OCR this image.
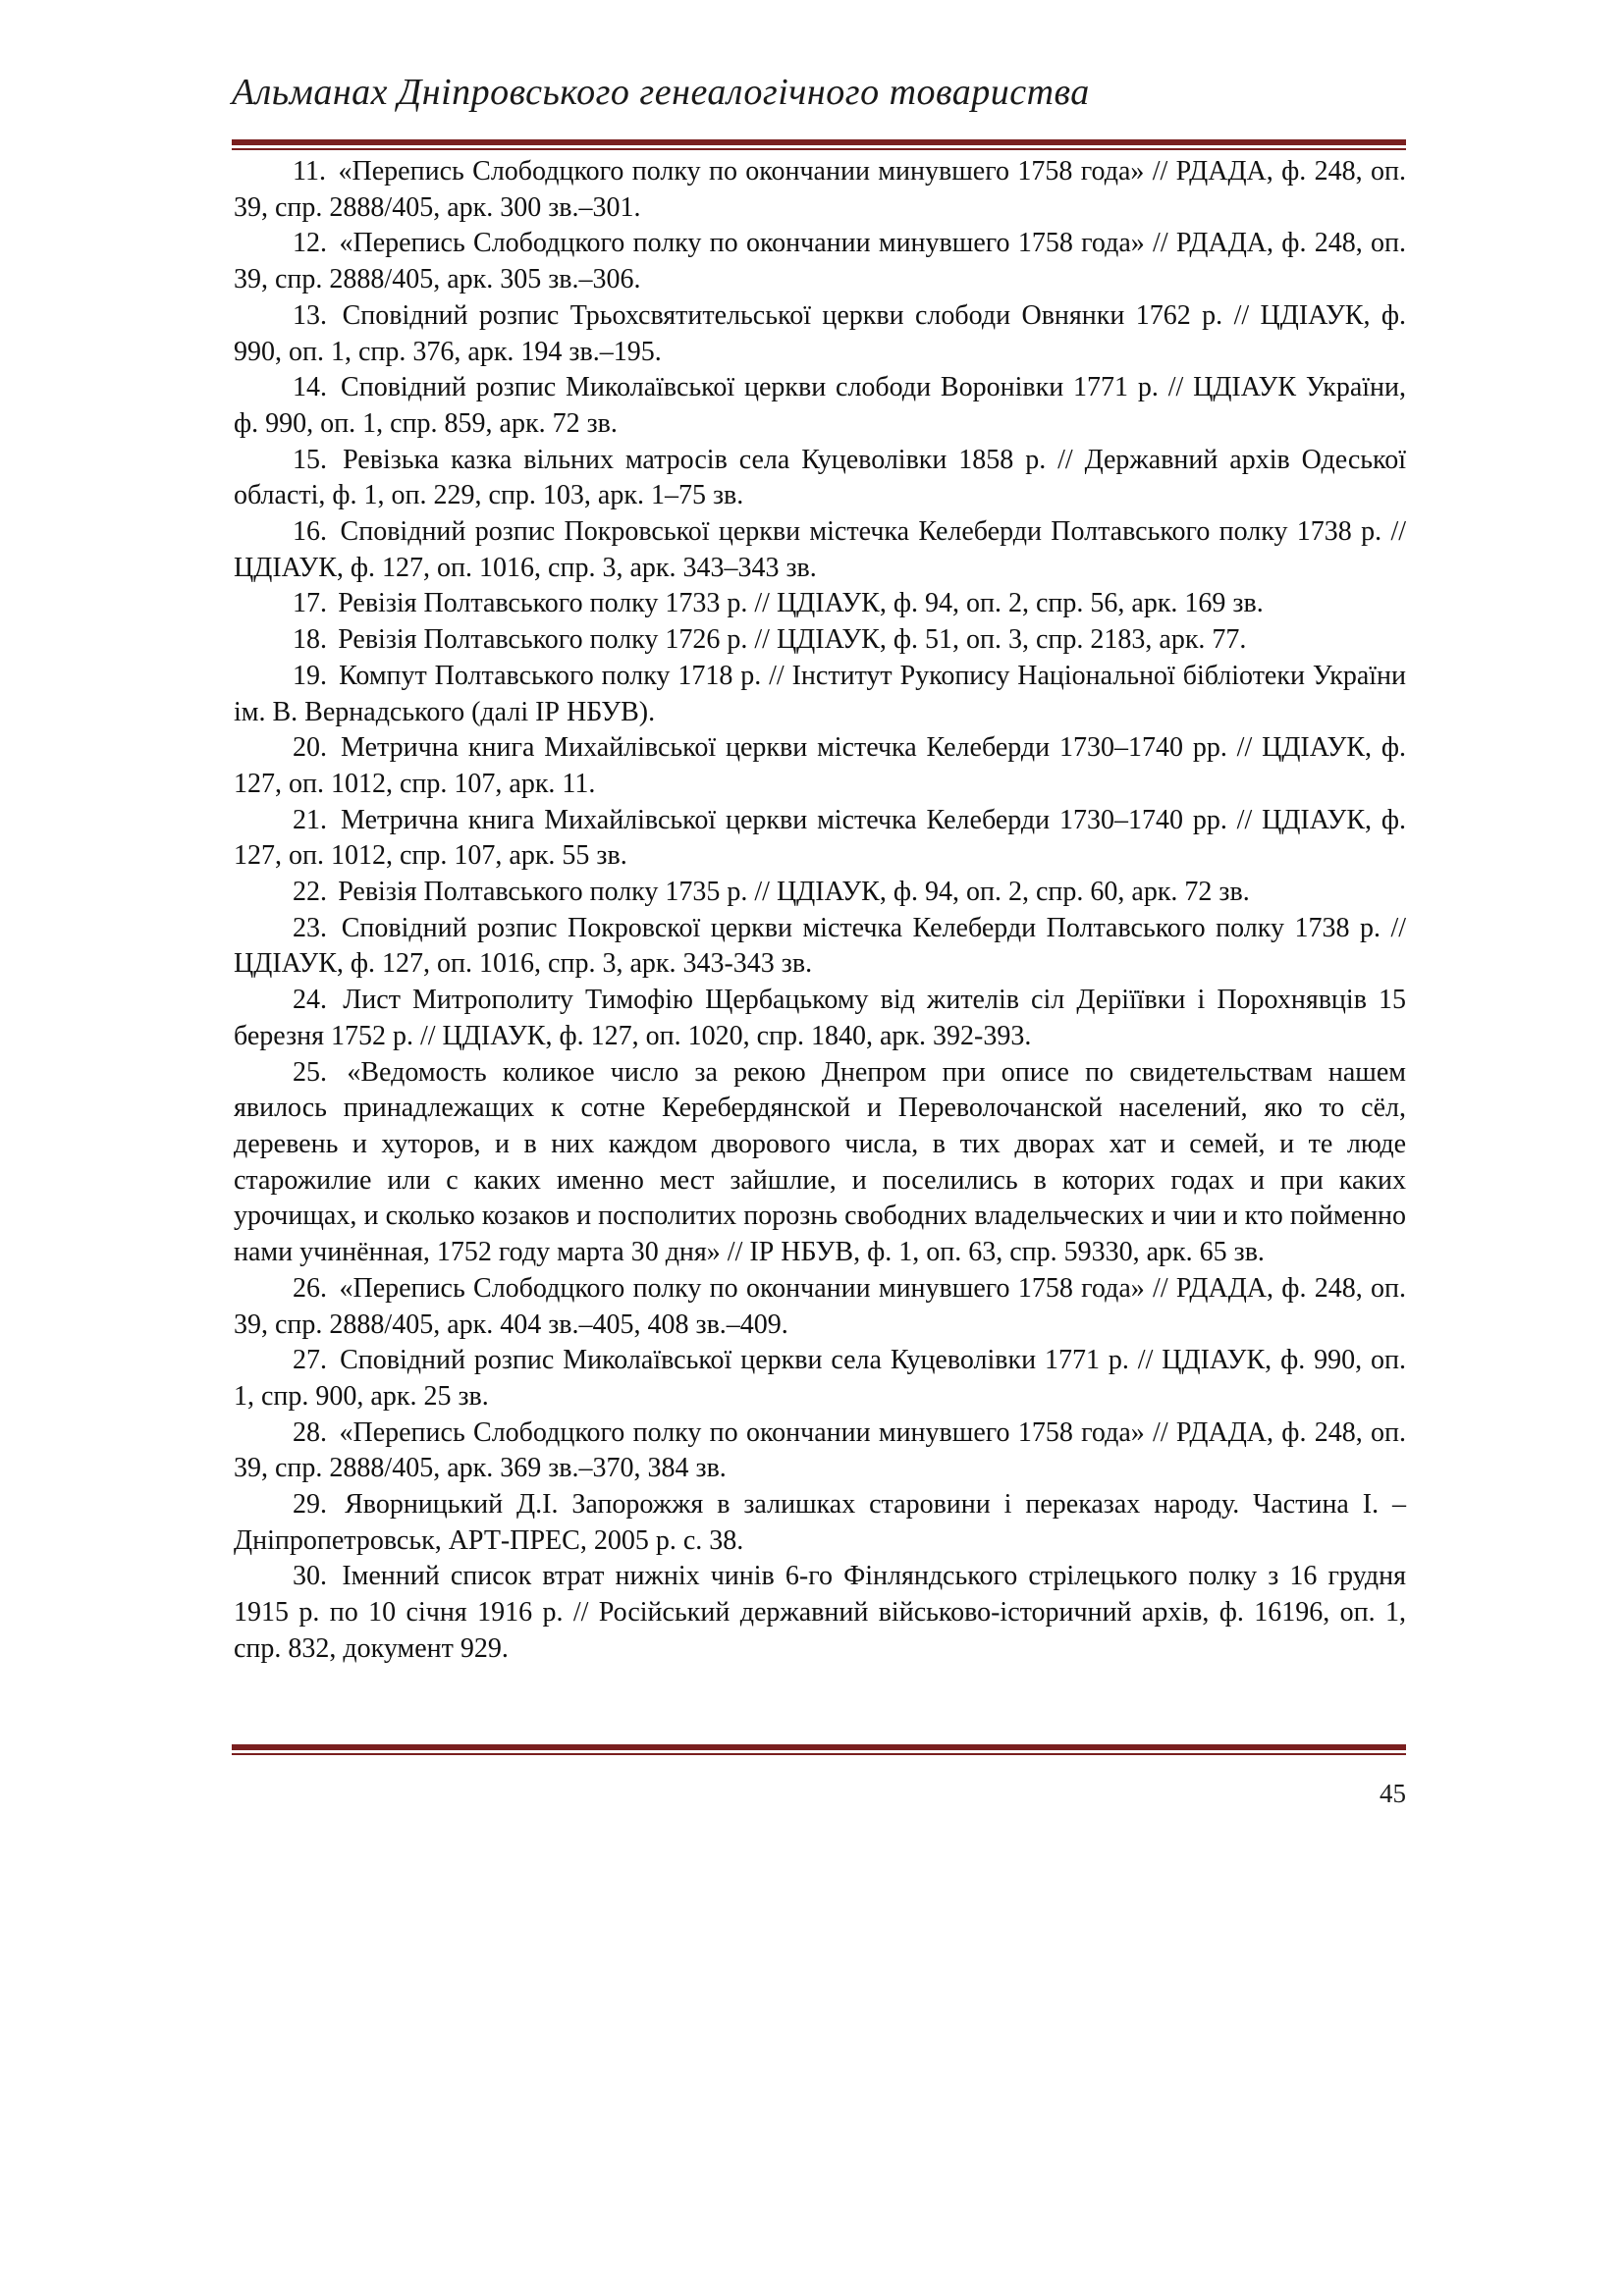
Альманах Дніпровського генеалогічного товариства
11. «Перепись Слободцкого полку по окончании минувшего 1758 года» // РДАДА, ф. 248, оп. 39, спр. 2888/405, арк. 300 зв.–301.
12. «Перепись Слободцкого полку по окончании минувшего 1758 года» // РДАДА, ф. 248, оп. 39, спр. 2888/405, арк. 305 зв.–306.
13. Сповідний розпис Трьохсвятительської церкви слободи Овнянки 1762 р. // ЦДІАУК, ф. 990, оп. 1, спр. 376, арк. 194 зв.–195.
14. Сповідний розпис Миколаївської церкви слободи Воронівки 1771 р. // ЦДІАУК України, ф. 990, оп. 1, спр. 859, арк. 72 зв.
15. Ревізька казка вільних матросів села Куцеволівки 1858 р. // Державний архів Одеської області, ф. 1, оп. 229, спр. 103, арк. 1–75 зв.
16. Сповідний розпис Покровської церкви містечка Келеберди Полтавського полку 1738 р. // ЦДІАУК, ф. 127, оп. 1016, спр. 3, арк. 343–343 зв.
17. Ревізія Полтавського полку 1733 р. // ЦДІАУК, ф. 94, оп. 2, спр. 56, арк. 169 зв.
18. Ревізія Полтавського полку 1726 р. // ЦДІАУК, ф. 51, оп. 3, спр. 2183, арк. 77.
19. Компут Полтавського полку 1718 р. // Інститут Рукопису Національної бібліотеки України ім. В. Вернадського (далі ІР НБУВ).
20. Метрична книга Михайлівської церкви містечка Келеберди 1730–1740 рр. // ЦДІАУК, ф. 127, оп. 1012, спр. 107, арк. 11.
21. Метрична книга Михайлівської церкви містечка Келеберди 1730–1740 рр. // ЦДІАУК, ф. 127, оп. 1012, спр. 107, арк. 55 зв.
22. Ревізія Полтавського полку 1735 р. // ЦДІАУК, ф. 94, оп. 2, спр. 60, арк. 72 зв.
23. Сповідний розпис Покровскої церкви містечка Келеберди Полтавського полку 1738 р. // ЦДІАУК, ф. 127, оп. 1016, спр. 3, арк. 343-343 зв.
24. Лист Митрополиту Тимофію Щербацькому від жителів сіл Деріїївки і Порохнявців 15 березня 1752 р. // ЦДІАУК, ф. 127, оп. 1020, спр. 1840, арк. 392-393.
25. «Ведомость коликое число за рекою Днепром при описе по свидетельствам нашем явилось принадлежащих к сотне Керебердянской и Переволочанской населений, яко то сёл, деревень и хуторов, и в них каждом дворового числа, в тих дворах хат и семей, и те люде старожилие или с каких именно мест зайшлие, и поселились в которих годах и при каких урочищах, и сколько козаков и посполитих порознь свободних владельческих и чии и кто пойменно нами учинённая, 1752 году марта 30 дня» // ІР НБУВ, ф. 1, оп. 63, спр. 59330, арк. 65 зв.
26. «Перепись Слободцкого полку по окончании минувшего 1758 года» // РДАДА, ф. 248, оп. 39, спр. 2888/405, арк. 404 зв.–405, 408 зв.–409.
27. Сповідний розпис Миколаївської церкви села Куцеволівки 1771 р. // ЦДІАУК, ф. 990, оп. 1, спр. 900, арк. 25 зв.
28. «Перепись Слободцкого полку по окончании минувшего 1758 года» // РДАДА, ф. 248, оп. 39, спр. 2888/405, арк. 369 зв.–370, 384 зв.
29. Яворницький Д.І. Запорожжя в залишках старовини і переказах народу. Частина І. –Дніпропетровськ, АРТ-ПРЕС, 2005 р. с. 38.
30. Іменний список втрат нижніх чинів 6-го Фінляндського стрілецького полку з 16 грудня 1915 р. по 10 січня 1916 р. // Російський державний військово-історичний архів, ф. 16196, оп. 1, спр. 832, документ 929.
45
